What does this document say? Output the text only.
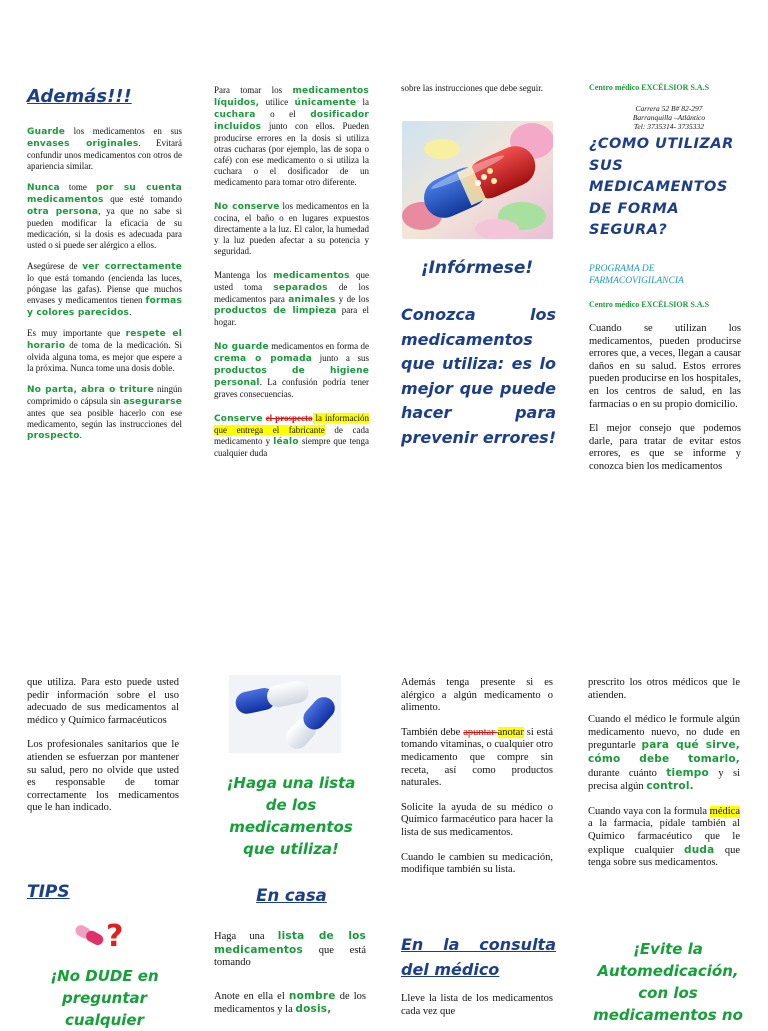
Además!!!

Guarde los medicamentos en sus envases originales. Evitará confundir unos medicamentos con otros de apariencia similar.

Nunca tome por su cuenta medicamentos que esté tomando otra persona, ya que no sabe si pueden modificar la eficacia de su medicación, si la dosis es adecuada para usted o si puede ser alérgico a ellos.

Asegúrese de ver correctamente lo que está tomando (encienda las luces, póngase las gafas). Piense que muchos envases y medicamentos tienen formas y colores parecidos.

Es muy importante que respete el horario de toma de la medicación. Si olvida alguna toma, es mejor que espere a la próxima. Nunca tome una dosis doble.

No parta, abra o triture ningún comprimido o cápsula sin asegurarse antes que sea posible hacerlo con ese medicamento, según las instrucciones del prospecto.

Para tomar los medicamentos líquidos, utilice únicamente la cuchara o el dosificador incluidos junto con ellos. Pueden producirse errores en la dosis si utiliza otras cucharas (por ejemplo, las de sopa o café) con ese medicamento o si utiliza la cuchara o el dosificador de un medicamento para tomar otro diferente.

No conserve los medicamentos en la cocina, el baño o en lugares expuestos directamente a la luz. El calor, la humedad y la luz pueden afectar a su potencia y seguridad.

Mantenga los medicamentos que usted toma separados de los medicamentos para animales y de los productos de limpieza para el hogar.

No guarde medicamentos en forma de crema o pomada junto a sus productos de higiene personal. La confusión podría tener graves consecuencias.

Conserve el prospecto la información que entrega el fabricante de cada medicamento y léalo siempre que tenga cualquier duda

sobre las instrucciones que debe seguir.

¡Infórmese!
Conozca los medicamentos que utiliza: es lo mejor que puede hacer para prevenir errores!
Centro médico EXCÉLSIOR S.A.S
Carrera 52 B# 82-297
Barranquilla –Atlántico
Tel: 3735314- 3735332
¿COMO UTILIZAR SUS MEDICAMENTOS DE FORMA SEGURA?
PROGRAMA DE FARMACOVIGILANCIA
Centro médico EXCÉLSIOR S.A.S

Cuando se utilizan los medicamentos, pueden producirse errores que, a veces, llegan a causar daños en su salud. Estos errores pueden producirse en los hospitales, en los centros de salud, en las farmacias o en su propio domicilio.

El mejor consejo que podemos darle, para tratar de evitar estos errores, es que se informe y conozca bien los medicamentos

que utiliza. Para esto puede usted pedir información sobre el uso adecuado de sus medicamentos al médico y Químico farmacéuticos

Los profesionales sanitarios que le atienden se esfuerzan por mantener su salud, pero no olvide que usted es responsable de tomar correctamente los medicamentos que le han indicado.

TIPS
?
¡No DUDE en preguntar cualquier
¡Haga una lista de los medicamentos que utiliza!
En casa

Haga una lista de los medicamentos que está tomando

Anote en ella el nombre de los medicamentos y la dosis,

Además tenga presente si es alérgico a algún medicamento o alimento.

También debe apuntar anotar si está tomando vitaminas, o cualquier otro medicamento que compre sin receta, así como productos naturales.

Solicite la ayuda de su médico o Químico farmacéutico para hacer la lista de sus medicamentos.

Cuando le cambien su medicación, modifique también su lista.

En la consulta del médico

Lleve la lista de los medicamentos cada vez que

prescrito los otros médicos que le atienden.

Cuando el médico le formule algún medicamento nuevo, no dude en preguntarle para qué sirve, cómo debe tomarlo, durante cuánto tiempo y si precisa algún control.

Cuando vaya con la formula médica a la farmacia, pídale también al Químico farmacéutico que le explique cualquier duda que tenga sobre sus medicamentos.

¡Evite la Automedicación, con los medicamentos no
